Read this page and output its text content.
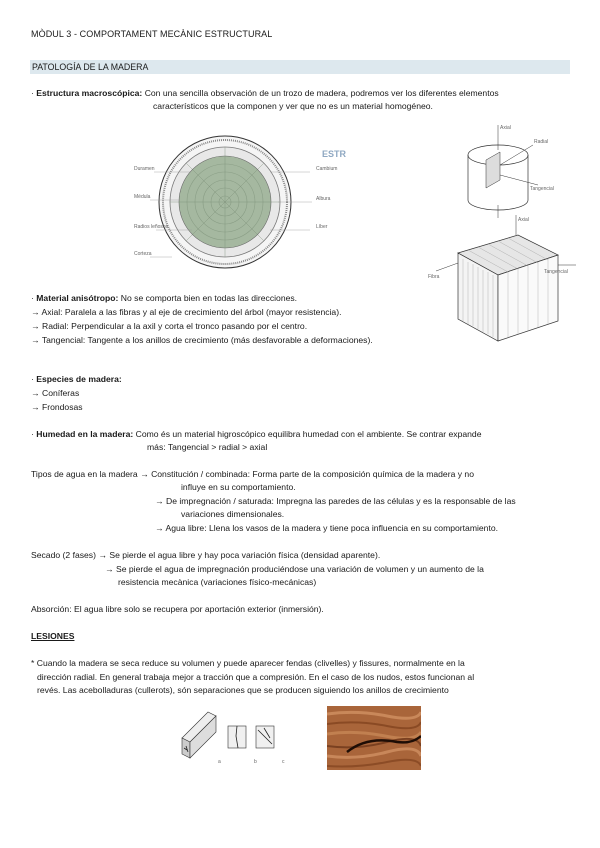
MÒDUL 3 - COMPORTAMENT MECÀNIC ESTRUCTURAL
PATOLOGÍA DE LA MADERA
· Estructura macroscópica: Con una sencilla observación de un trozo de madera, podremos ver los diferentes elementos
característicos que la componen y ver que no es un material homogéneo.
Duramen
Médula
Radios leñosos
Corteza
Cambium
Albura
Líber
ESTR
Axial
Radial
Tangencial
Axial
Fibra
Tangencial
· Material anisótropo: No se comporta bien en todas las direcciones.
→ Axial: Paralela a las fibras y al eje de crecimiento del árbol (mayor resistencia).
→ Radial: Perpendicular a la axil y corta el tronco pasando por el centro.
→ Tangencial: Tangente a los anillos de crecimiento (más desfavorable a deformaciones).
· Especies de madera:
→ Coníferas
→ Frondosas
· Humedad en la madera: Como és un material higroscópico equilibra humedad con el ambiente. Se contrar expande
más: Tangencial > radial > axial
Tipos de agua en la madera → Constitución / combinada: Forma parte de la composición química de la madera y no
influye en su comportamiento.
→ De impregnación / saturada: Impregna las paredes de las células y es la responsable de las
variaciones dimensionales.
→ Agua libre: Llena los vasos de la madera y tiene poca influencia en su comportamiento.
Secado (2 fases) → Se pierde el agua libre y hay poca variación física (densidad aparente).
→ Se pierde el agua de impregnación produciéndose una variación de volumen y un aumento de la
resistencia mecànica (variaciones físico-mecánicas)
Absorción: El agua libre solo se recupera por aportación exterior (inmersión).
LESIONES
* Cuando la madera se seca reduce su volumen y puede aparecer fendas (clivelles) y fissures, normalmente en la
dirección radial. En general trabaja mejor a tracción que a compresión. En el caso de los nudos, estos funcionan al
revés. Las acebolladuras (cullerots), són separaciones que se producen siguiendo los anillos de crecimiento
a	b	c
